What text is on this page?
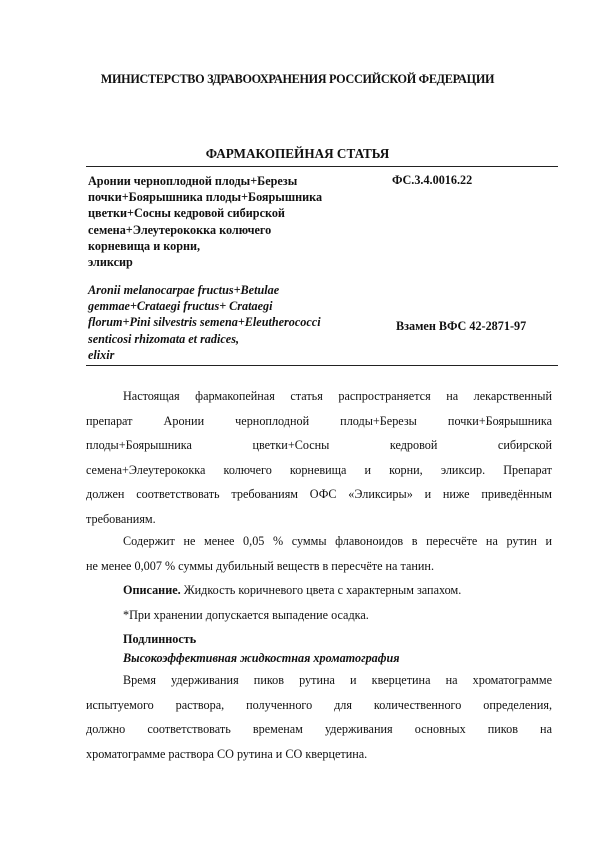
МИНИСТЕРСТВО ЗДРАВООХРАНЕНИЯ РОССИЙСКОЙ ФЕДЕРАЦИИ
ФАРМАКОПЕЙНАЯ СТАТЬЯ
Аронии черноплодной плоды+Березы
почки+Боярышника плоды+Боярышника
цветки+Сосны кедровой сибирской
семена+Элеутерококка колючего
корневища и корни,
эликсир
ФС.3.4.0016.22
Aronii melanocarpae fructus+Betulae
gemmae+Crataegi fructus+ Crataegi
florum+Pini silvestris semena+Eleutherococci
senticosi rhizomata et radices,
elixir
Взамен ВФС 42-2871-97
Настоящая фармакопейная статья распространяется на лекарственный
препарат Аронии черноплодной плоды+Березы почки+Боярышника
плоды+Боярышника цветки+Сосны кедровой сибирской
семена+Элеутерококка колючего корневища и корни, эликсир. Препарат
должен соответствовать требованиям ОФС «Эликсиры» и ниже приведённым
требованиям.
Содержит не менее 0,05 % суммы флавоноидов в пересчёте на рутин и
не менее 0,007 % суммы дубильный веществ в пересчёте на танин.
Описание. Жидкость коричневого цвета с характерным запахом.
*При хранении допускается выпадение осадка.
Подлинность
Высокоэффективная жидкостная хроматография
Время удерживания пиков рутина и кверцетина на хроматограмме
испытуемого раствора, полученного для количественного определения,
должно соответствовать временам удерживания основных пиков на
хроматограмме раствора СО рутина и СО кверцетина.
